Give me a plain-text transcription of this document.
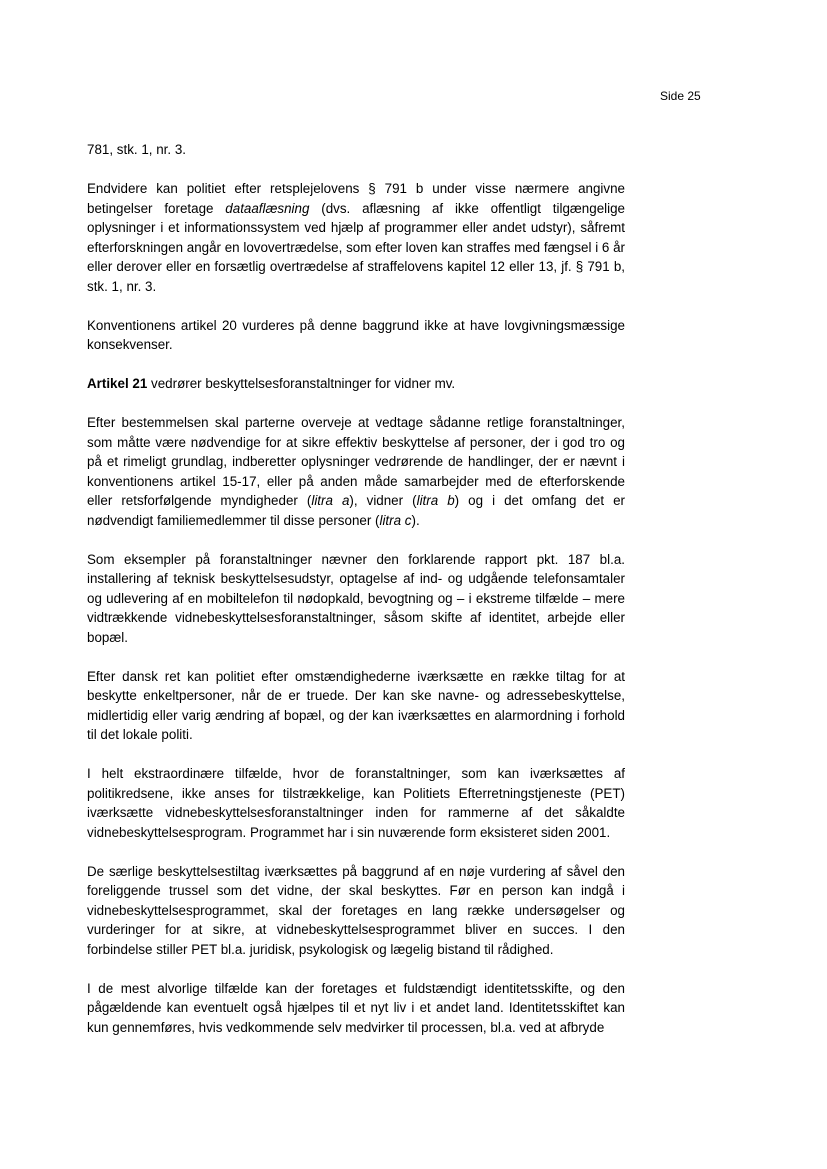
Side 25

781, stk. 1, nr. 3.

Endvidere kan politiet efter retsplejelovens § 791 b under visse nærmere angivne betingelser foretage dataaflæsning (dvs. aflæsning af ikke offentligt tilgængelige oplysninger i et informationssystem ved hjælp af programmer eller andet udstyr), såfremt efterforskningen angår en lovovertrædelse, som efter loven kan straffes med fængsel i 6 år eller derover eller en forsætlig overtrædelse af straffelovens kapitel 12 eller 13, jf. § 791 b, stk. 1, nr. 3.

Konventionens artikel 20 vurderes på denne baggrund ikke at have lovgivningsmæssige konsekvenser.

Artikel 21 vedrører beskyttelsesforanstaltninger for vidner mv.

Efter bestemmelsen skal parterne overveje at vedtage sådanne retlige foranstaltninger, som måtte være nødvendige for at sikre effektiv beskyttelse af personer, der i god tro og på et rimeligt grundlag, indberetter oplysninger vedrørende de handlinger, der er nævnt i konventionens artikel 15-17, eller på anden måde samarbejder med de efterforskende eller retsforfølgende myndigheder (litra a), vidner (litra b) og i det omfang det er nødvendigt familiemedlemmer til disse personer (litra c).

Som eksempler på foranstaltninger nævner den forklarende rapport pkt. 187 bl.a. installering af teknisk beskyttelsesudstyr, optagelse af ind- og udgående telefonsamtaler og udlevering af en mobiltelefon til nødopkald, bevogtning og – i ekstreme tilfælde – mere vidtrækkende vidnebeskyttelsesforanstaltninger, såsom skifte af identitet, arbejde eller bopæl.

Efter dansk ret kan politiet efter omstændighederne iværksætte en række tiltag for at beskytte enkeltpersoner, når de er truede. Der kan ske navne- og adressebeskyttelse, midlertidig eller varig ændring af bopæl, og der kan iværksættes en alarmordning i forhold til det lokale politi.

I helt ekstraordinære tilfælde, hvor de foranstaltninger, som kan iværksættes af politikredsene, ikke anses for tilstrækkelige, kan Politiets Efterretningstjeneste (PET) iværksætte vidnebeskyttelsesforanstaltninger inden for rammerne af det såkaldte vidnebeskyttelsesprogram. Programmet har i sin nuværende form eksisteret siden 2001.

De særlige beskyttelsestiltag iværksættes på baggrund af en nøje vurdering af såvel den foreliggende trussel som det vidne, der skal beskyttes. Før en person kan indgå i vidnebeskyttelsesprogrammet, skal der foretages en lang række undersøgelser og vurderinger for at sikre, at vidnebeskyttelsesprogrammet bliver en succes. I den forbindelse stiller PET bl.a. juridisk, psykologisk og lægelig bistand til rådighed.

I de mest alvorlige tilfælde kan der foretages et fuldstændigt identitetsskifte, og den pågældende kan eventuelt også hjælpes til et nyt liv i et andet land. Identitetsskiftet kan kun gennemføres, hvis vedkommende selv medvirker til processen, bl.a. ved at afbryde
